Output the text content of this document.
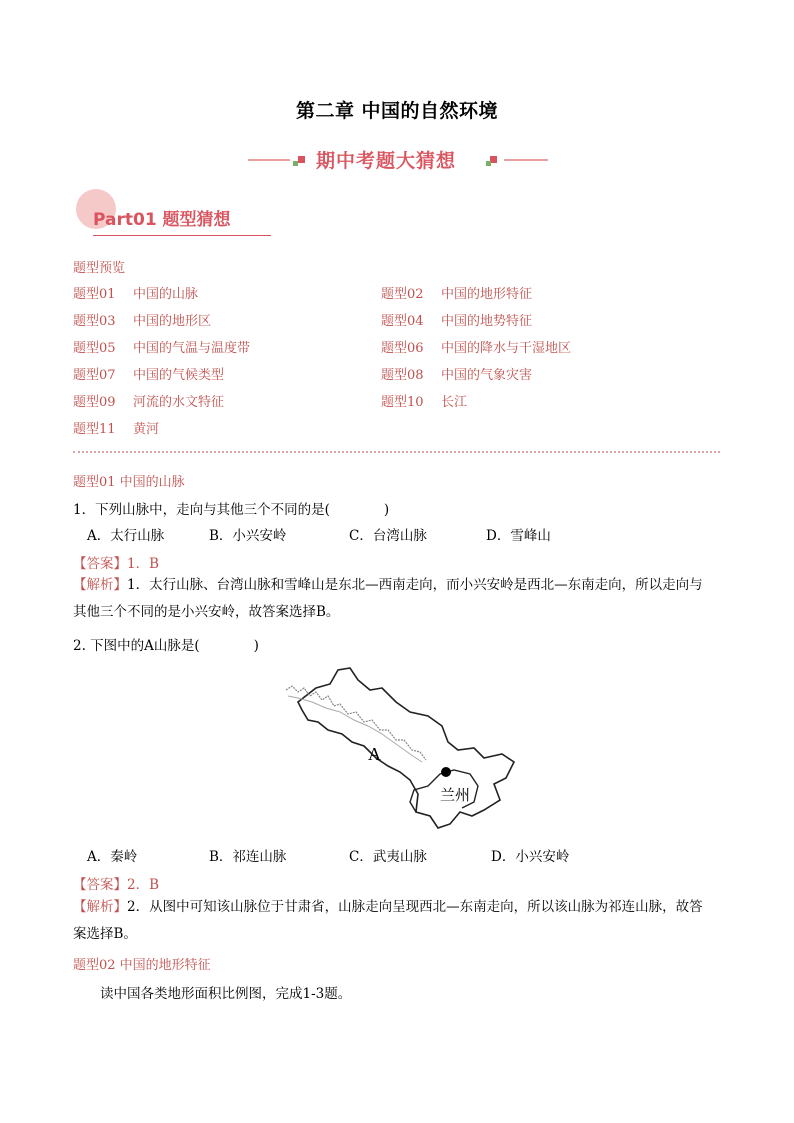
第二章 中国的自然环境
期中考题大猜想
Part01 题型猜想
题型预览
题型01 中国的山脉	题型02 中国的地形特征
题型03 中国的地形区	题型04 中国的地势特征
题型05 中国的气温与温度带	题型06 中国的降水与干湿地区
题型07 中国的气候类型	题型08 中国的气象灾害
题型09 河流的水文特征	题型10 长江
题型11 黄河
题型01 中国的山脉
1．下列山脉中，走向与其他三个不同的是(　　　　)
A．太行山脉	B．小兴安岭	C．台湾山脉	D．雪峰山
【答案】1．B
【解析】1．太行山脉、台湾山脉和雪峰山是东北—西南走向，而小兴安岭是西北—东南走向，所以走向与
其他三个不同的是小兴安岭，故答案选择B。
2. 下图中的A山脉是(　　　　)
A
兰州
A．秦岭	B．祁连山脉	C．武夷山脉	D．小兴安岭
【答案】2．B
【解析】2．从图中可知该山脉位于甘肃省，山脉走向呈现西北—东南走向，所以该山脉为祁连山脉，故答
案选择B。
题型02 中国的地形特征
读中国各类地形面积比例图，完成1-3题。
